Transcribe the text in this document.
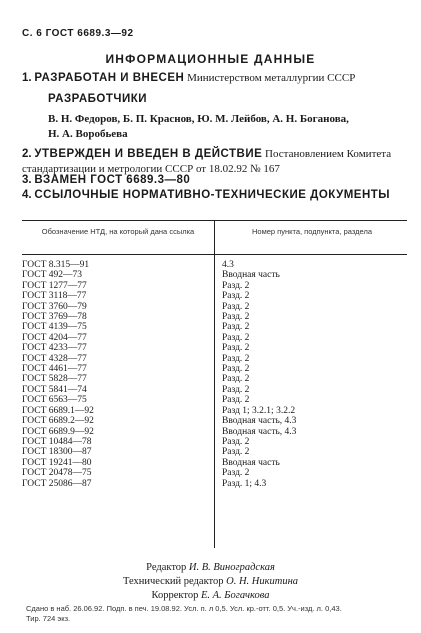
С. 6 ГОСТ 6689.3—92
ИНФОРМАЦИОННЫЕ ДАННЫЕ
1. РАЗРАБОТАН И ВНЕСЕН Министерством металлургии СССР
РАЗРАБОТЧИКИ
В. Н. Федоров, Б. П. Краснов, Ю. М. Лейбов, А. Н. Боганова,
Н. А. Воробьева
2. УТВЕРЖДЕН И ВВЕДЕН В ДЕЙСТВИЕ Постановлением Комитета стандартизации и метрологии СССР от 18.02.92 № 167
3. ВЗАМЕН ГОСТ 6689.3—80
4. ССЫЛОЧНЫЕ НОРМАТИВНО-ТЕХНИЧЕСКИЕ ДОКУМЕНТЫ
Обозначение НТД, на который дана ссылка	Номер пункта, подпункта, раздела
ГОСТ 8.315—91
ГОСТ 492—73
ГОСТ 1277—77
ГОСТ 3118—77
ГОСТ 3760—79
ГОСТ 3769—78
ГОСТ 4139—75
ГОСТ 4204—77
ГОСТ 4233—77
ГОСТ 4328—77
ГОСТ 4461—77
ГОСТ 5828—77
ГОСТ 5841—74
ГОСТ 6563—75
ГОСТ 6689.1—92
ГОСТ 6689.2—92
ГОСТ 6689.9—92
ГОСТ 10484—78
ГОСТ 18300—87
ГОСТ 19241—80
ГОСТ 20478—75
ГОСТ 25086—87
4.3
Вводная часть
Разд. 2
Разд. 2
Разд. 2
Разд. 2
Разд. 2
Разд. 2
Разд. 2
Разд. 2
Разд. 2
Разд. 2
Разд. 2
Разд. 2
Разд 1; 3.2.1; 3.2.2
Вводная часть, 4.3
Вводная часть, 4.3
Разд. 2
Разд. 2
Вводная часть
Разд. 2
Разд. 1; 4.3
Редактор И. В. Виноградская
Технический редактор О. Н. Никитина
Корректор Е. А. Богачкова
Сдано в наб. 26.06.92. Подп. в печ. 19.08.92. Усл. п. л 0,5. Усл. кр.-отт. 0,5. Уч.-изд. л. 0,43.
Тир. 724 экз.
